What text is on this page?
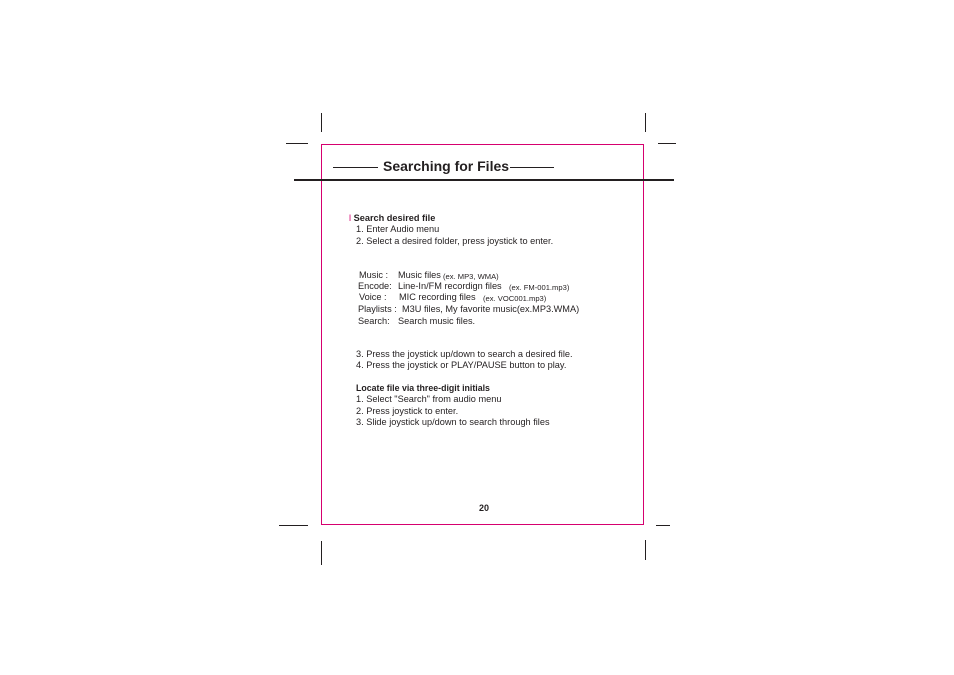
Searching for Files
l Search desired file
1. Enter Audio menu
2. Select a desired folder, press joystick to enter.
Music : Music files (ex. MP3, WMA)
Encode: Line-In/FM recordign files (ex. FM-001.mp3)
Voice : MIC recording files (ex. VOC001.mp3)
Playlists : M3U files, My favorite music(ex.MP3.WMA)
Search: Search music files.
3. Press the joystick up/down to search a desired file.
4. Press the joystick or PLAY/PAUSE button to play.
Locate file via three-digit initials
1. Select "Search" from audio menu
2. Press joystick to enter.
3. Slide joystick up/down to search through files
20
